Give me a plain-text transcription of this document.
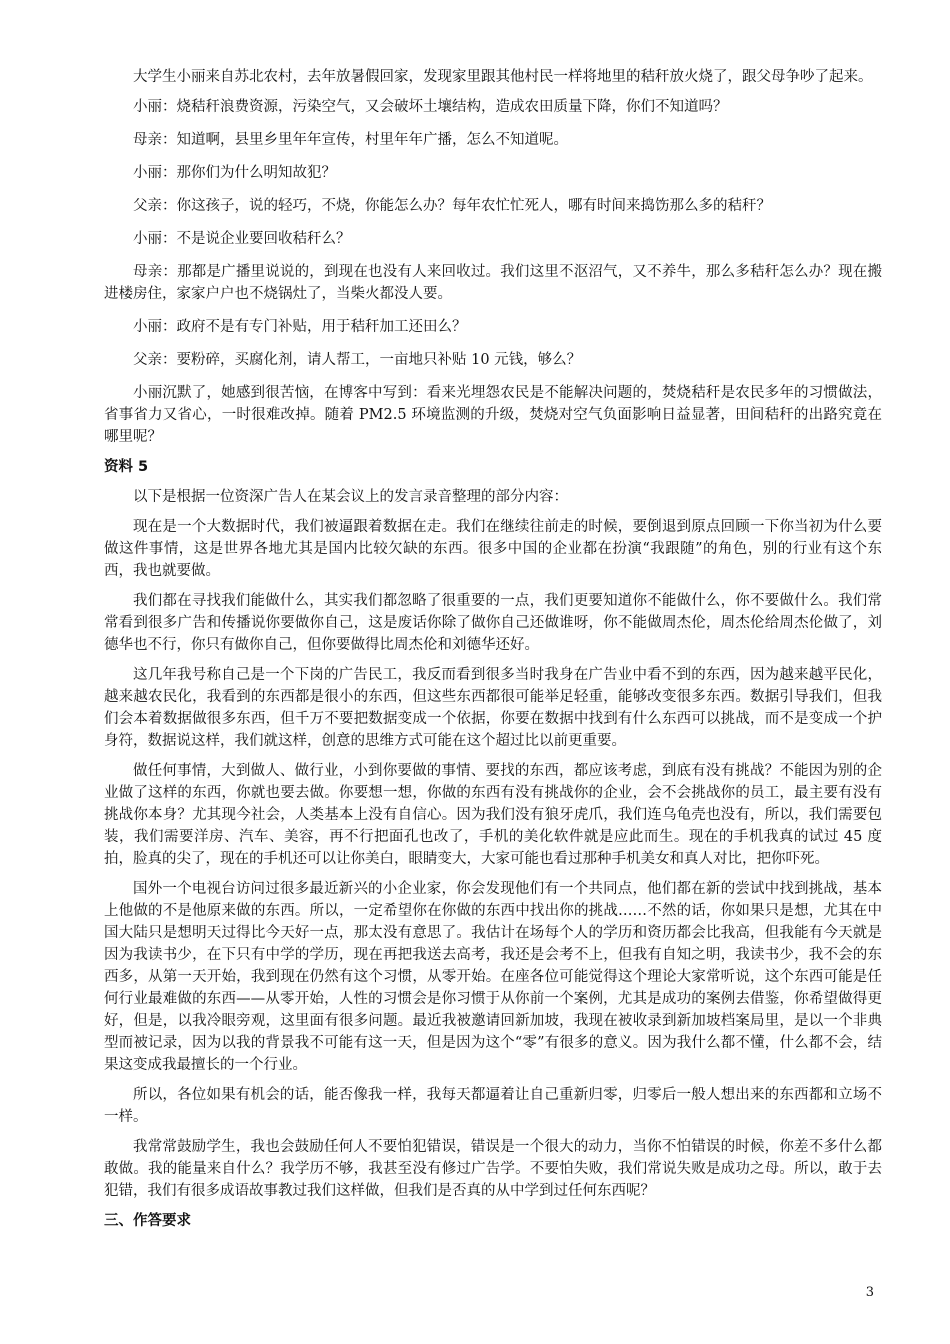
大学生小丽来自苏北农村，去年放暑假回家，发现家里跟其他村民一样将地里的秸秆放火烧了，跟父母争吵了起来。

小丽：烧秸秆浪费资源，污染空气，又会破坏土壤结构，造成农田质量下降，你们不知道吗？

母亲：知道啊，县里乡里年年宣传，村里年年广播，怎么不知道呢。

小丽：那你们为什么明知故犯？

父亲：你这孩子，说的轻巧，不烧，你能怎么办？每年农忙忙死人，哪有时间来捣饬那么多的秸秆？

小丽：不是说企业要回收秸秆么？

母亲：那都是广播里说说的，到现在也没有人来回收过。我们这里不沤沼气，又不养牛，那么多秸秆怎么办？现在搬进楼房住，家家户户也不烧锅灶了，当柴火都没人要。

小丽：政府不是有专门补贴，用于秸秆加工还田么？

父亲：要粉碎，买腐化剂，请人帮工，一亩地只补贴 10 元钱，够么？

小丽沉默了，她感到很苦恼，在博客中写到：看来光埋怨农民是不能解决问题的，焚烧秸秆是农民多年的习惯做法，省事省力又省心，一时很难改掉。随着 PM2.5 环境监测的升级，焚烧对空气负面影响日益显著，田间秸秆的出路究竟在哪里呢？

资料 5

以下是根据一位资深广告人在某会议上的发言录音整理的部分内容：

现在是一个大数据时代，我们被逼跟着数据在走。我们在继续往前走的时候，要倒退到原点回顾一下你当初为什么要做这件事情，这是世界各地尤其是国内比较欠缺的东西。很多中国的企业都在扮演“我跟随”的角色，别的行业有这个东西，我也就要做。

我们都在寻找我们能做什么，其实我们都忽略了很重要的一点，我们更要知道你不能做什么，你不要做什么。我们常常看到很多广告和传播说你要做你自己，这是废话你除了做你自己还做谁呀，你不能做周杰伦，周杰伦给周杰伦做了，刘德华也不行，你只有做你自己，但你要做得比周杰伦和刘德华还好。

这几年我号称自己是一个下岗的广告民工，我反而看到很多当时我身在广告业中看不到的东西，因为越来越平民化，越来越农民化，我看到的东西都是很小的东西，但这些东西都很可能举足轻重，能够改变很多东西。数据引导我们，但我们会本着数据做很多东西，但千万不要把数据变成一个依据，你要在数据中找到有什么东西可以挑战，而不是变成一个护身符，数据说这样，我们就这样，创意的思维方式可能在这个超过比以前更重要。

做任何事情，大到做人、做行业，小到你要做的事情、要找的东西，都应该考虑，到底有没有挑战？不能因为别的企业做了这样的东西，你就也要去做。你要想一想，你做的东西有没有挑战你的企业，会不会挑战你的员工，最主要有没有挑战你本身？尤其现今社会，人类基本上没有自信心。因为我们没有狼牙虎爪，我们连乌龟壳也没有，所以，我们需要包装，我们需要洋房、汽车、美容，再不行把面孔也改了，手机的美化软件就是应此而生。现在的手机我真的试过 45 度拍，脸真的尖了，现在的手机还可以让你美白，眼睛变大，大家可能也看过那种手机美女和真人对比，把你吓死。

国外一个电视台访问过很多最近新兴的小企业家，你会发现他们有一个共同点，他们都在新的尝试中找到挑战，基本上他做的不是他原来做的东西。所以，一定希望你在你做的东西中找出你的挑战……不然的话，你如果只是想，尤其在中国大陆只是想明天过得比今天好一点，那太没有意思了。我估计在场每个人的学历和资历都会比我高，但我能有今天就是因为我读书少，在下只有中学的学历，现在再把我送去高考，我还是会考不上，但我有自知之明，我读书少，我不会的东西多，从第一天开始，我到现在仍然有这个习惯，从零开始。在座各位可能觉得这个理论大家常听说，这个东西可能是任何行业最难做的东西——从零开始，人性的习惯会是你习惯于从你前一个案例，尤其是成功的案例去借鉴，你希望做得更好，但是，以我冷眼旁观，这里面有很多问题。最近我被邀请回新加坡，我现在被收录到新加坡档案局里，是以一个非典型而被记录，因为以我的背景我不可能有这一天，但是因为这个“零”有很多的意义。因为我什么都不懂，什么都不会，结果这变成我最擅长的一个行业。

所以，各位如果有机会的话，能否像我一样，我每天都逼着让自己重新归零，归零后一般人想出来的东西都和立场不一样。

我常常鼓励学生，我也会鼓励任何人不要怕犯错误，错误是一个很大的动力，当你不怕错误的时候，你差不多什么都敢做。我的能量来自什么？我学历不够，我甚至没有修过广告学。不要怕失败，我们常说失败是成功之母。所以，敢于去犯错，我们有很多成语故事教过我们这样做，但我们是否真的从中学到过任何东西呢？

三、作答要求
3
